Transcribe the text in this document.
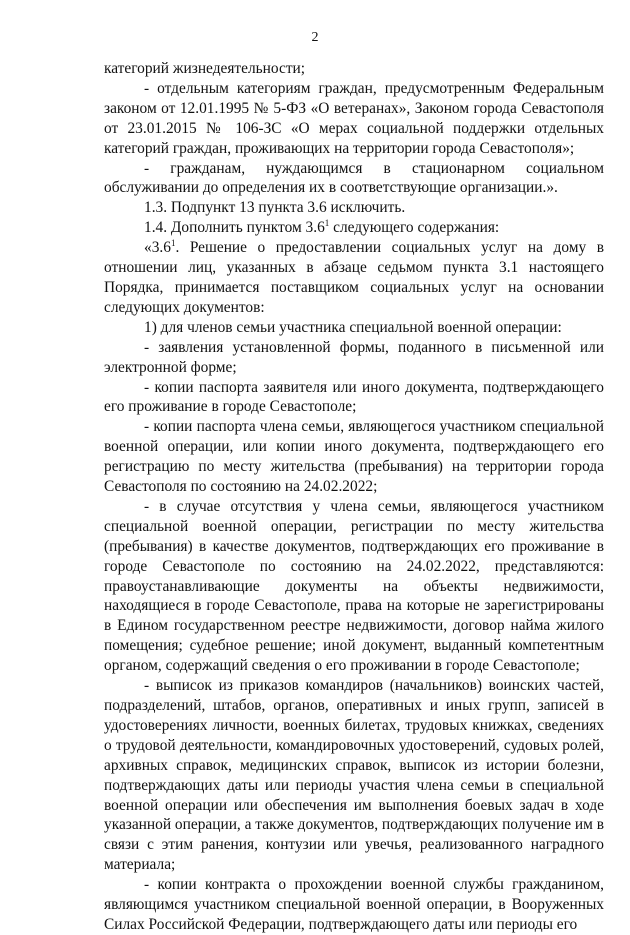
2

категорий жизнедеятельности;

- отдельным категориям граждан, предусмотренным Федеральным законом от 12.01.1995 № 5-ФЗ «О ветеранах», Законом города Севастополя от 23.01.2015 № 106-ЗС «О мерах социальной поддержки отдельных категорий граждан, проживающих на территории города Севастополя»;

- гражданам, нуждающимся в стационарном социальном обслуживании до определения их в соответствующие организации.».

1.3. Подпункт 13 пункта 3.6 исключить.

1.4. Дополнить пунктом $3.6^1$ следующего содержания:

«$3.6^1$. Решение о предоставлении социальных услуг на дому в отношении лиц, указанных в абзаце седьмом пункта 3.1 настоящего Порядка, принимается поставщиком социальных услуг на основании следующих документов:

1) для членов семьи участника специальной военной операции:

- заявления установленной формы, поданного в письменной или электронной форме;

- копии паспорта заявителя или иного документа, подтверждающего его проживание в городе Севастополе;

- копии паспорта члена семьи, являющегося участником специальной военной операции, или копии иного документа, подтверждающего его регистрацию по месту жительства (пребывания) на территории города Севастополя по состоянию на 24.02.2022;

- в случае отсутствия у члена семьи, являющегося участником специальной военной операции, регистрации по месту жительства (пребывания) в качестве документов, подтверждающих его проживание в городе Севастополе по состоянию на 24.02.2022, представляются: правоустанавливающие документы на объекты недвижимости, находящиеся в городе Севастополе, права на которые не зарегистрированы в Едином государственном реестре недвижимости, договор найма жилого помещения; судебное решение; иной документ, выданный компетентным органом, содержащий сведения о его проживании в городе Севастополе;

- выписок из приказов командиров (начальников) воинских частей, подразделений, штабов, органов, оперативных и иных групп, записей в удостоверениях личности, военных билетах, трудовых книжках, сведениях о трудовой деятельности, командировочных удостоверений, судовых ролей, архивных справок, медицинских справок, выписок из истории болезни, подтверждающих даты или периоды участия члена семьи в специальной военной операции или обеспечения им выполнения боевых задач в ходе указанной операции, а также документов, подтверждающих получение им в связи с этим ранения, контузии или увечья, реализованного наградного материала;

- копии контракта о прохождении военной службы гражданином, являющимся участником специальной военной операции, в Вооруженных Силах Российской Федерации, подтверждающего даты или периоды его
